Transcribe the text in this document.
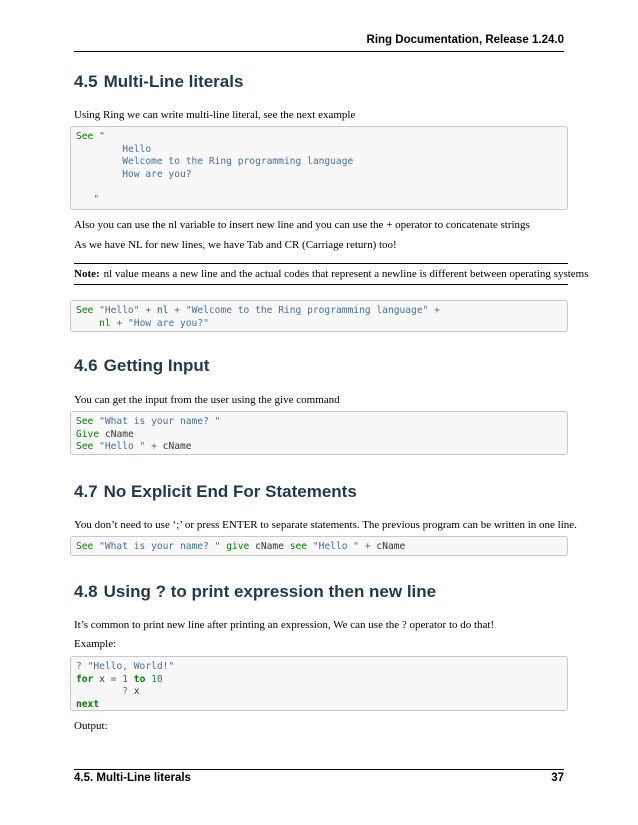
Ring Documentation, Release 1.24.0
4.5 Multi-Line literals
Using Ring we can write multi-line literal, see the next example
See "
Hello
Welcome to the Ring programming language
How are you?

"
Also you can use the nl variable to insert new line and you can use the + operator to concatenate strings
As we have NL for new lines, we have Tab and CR (Carriage return) too!
Note: nl value means a new line and the actual codes that represent a newline is different between operating systems
See "Hello" + nl + "Welcome to the Ring programming language" +
nl + "How are you?"
4.6 Getting Input
You can get the input from the user using the give command
See "What is your name? "
Give cName
See "Hello " + cName
4.7 No Explicit End For Statements
You don’t need to use ‘;’ or press ENTER to separate statements. The previous program can be written in one line.
See "What is your name? " give cName see "Hello " + cName
4.8 Using ? to print expression then new line
It’s common to print new line after printing an expression, We can use the ? operator to do that!
Example:
? "Hello, World!"
for x = 1 to 10
? x
next
Output:
4.5. Multi-Line literals	37
